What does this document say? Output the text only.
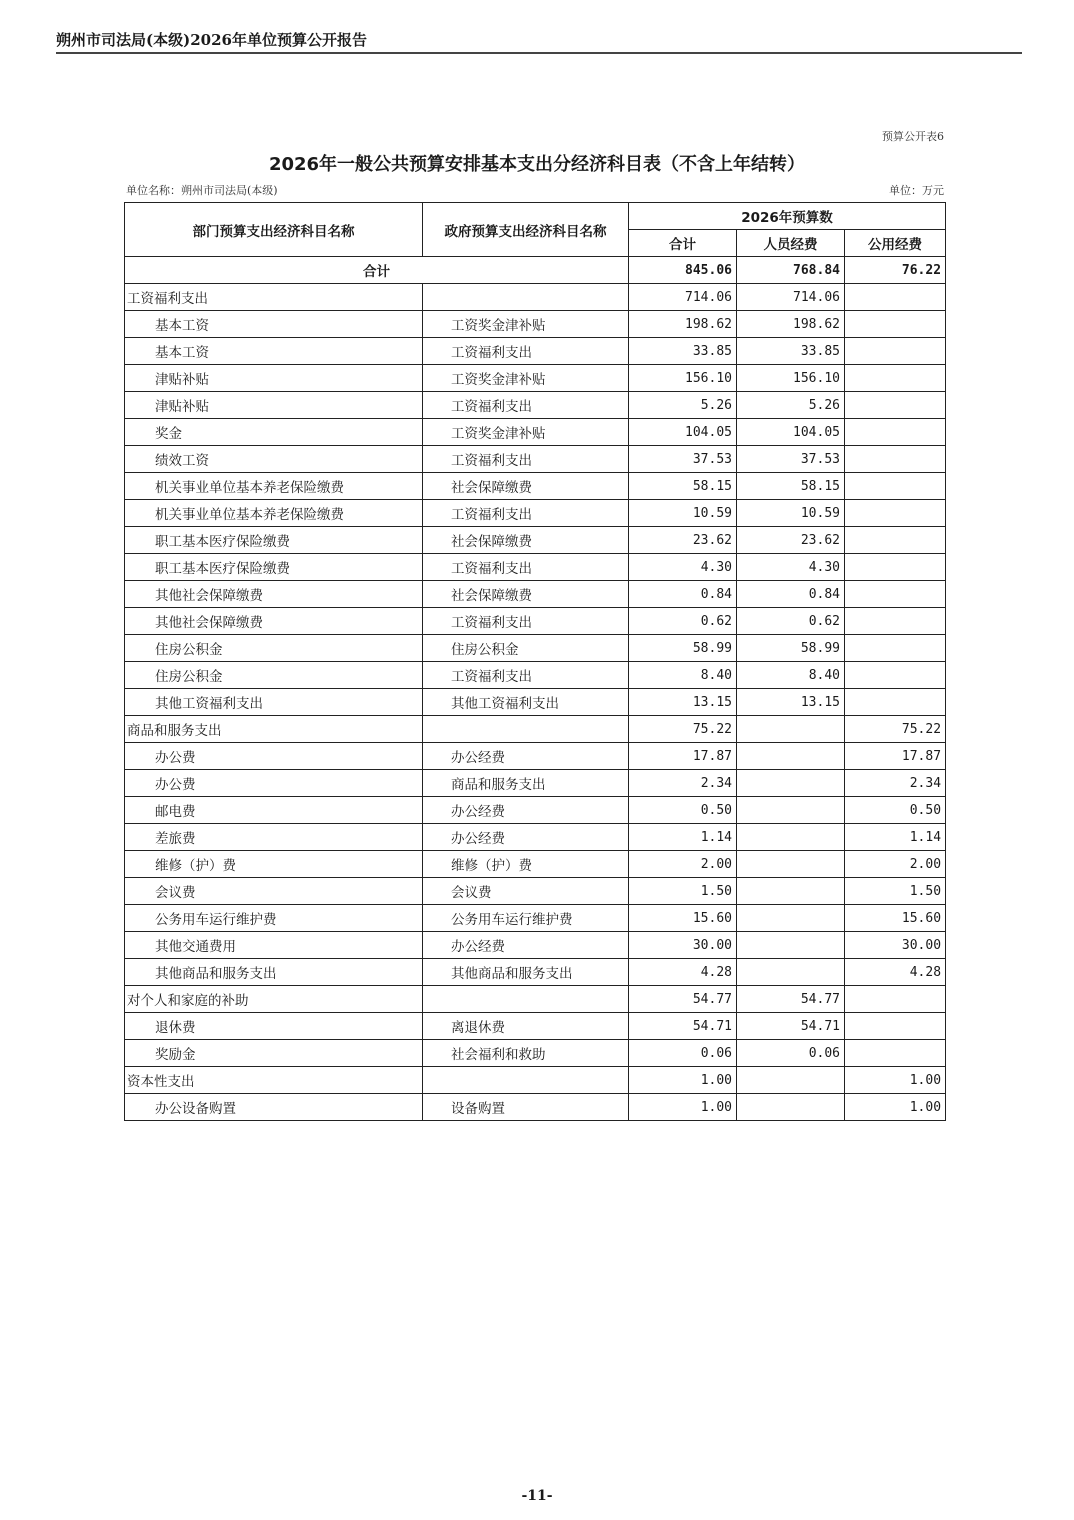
朔州市司法局(本级)2026年单位预算公开报告
预算公开表6
2026年一般公共预算安排基本支出分经济科目表（不含上年结转）
单位名称：朔州市司法局(本级)	单位：万元
部门预算支出经济科目名称	政府预算支出经济科目名称	2026年预算数		
		合计	人员经费	公用经费
合计		845.06	768.84	76.22
工资福利支出		714.06	714.06	
基本工资	工资奖金津补贴	198.62	198.62	
基本工资	工资福利支出	33.85	33.85	
津贴补贴	工资奖金津补贴	156.10	156.10	
津贴补贴	工资福利支出	5.26	5.26	
奖金	工资奖金津补贴	104.05	104.05	
绩效工资	工资福利支出	37.53	37.53	
机关事业单位基本养老保险缴费	社会保障缴费	58.15	58.15	
机关事业单位基本养老保险缴费	工资福利支出	10.59	10.59	
职工基本医疗保险缴费	社会保障缴费	23.62	23.62	
职工基本医疗保险缴费	工资福利支出	4.30	4.30	
其他社会保障缴费	社会保障缴费	0.84	0.84	
其他社会保障缴费	工资福利支出	0.62	0.62	
住房公积金	住房公积金	58.99	58.99	
住房公积金	工资福利支出	8.40	8.40	
其他工资福利支出	其他工资福利支出	13.15	13.15	
商品和服务支出		75.22		75.22
办公费	办公经费	17.87		17.87
办公费	商品和服务支出	2.34		2.34
邮电费	办公经费	0.50		0.50
差旅费	办公经费	1.14		1.14
维修（护）费	维修（护）费	2.00		2.00
会议费	会议费	1.50		1.50
公务用车运行维护费	公务用车运行维护费	15.60		15.60
其他交通费用	办公经费	30.00		30.00
其他商品和服务支出	其他商品和服务支出	4.28		4.28
对个人和家庭的补助		54.77	54.77	
退休费	离退休费	54.71	54.71	
奖励金	社会福利和救助	0.06	0.06	
资本性支出		1.00		1.00
办公设备购置	设备购置	1.00		1.00
-11-
